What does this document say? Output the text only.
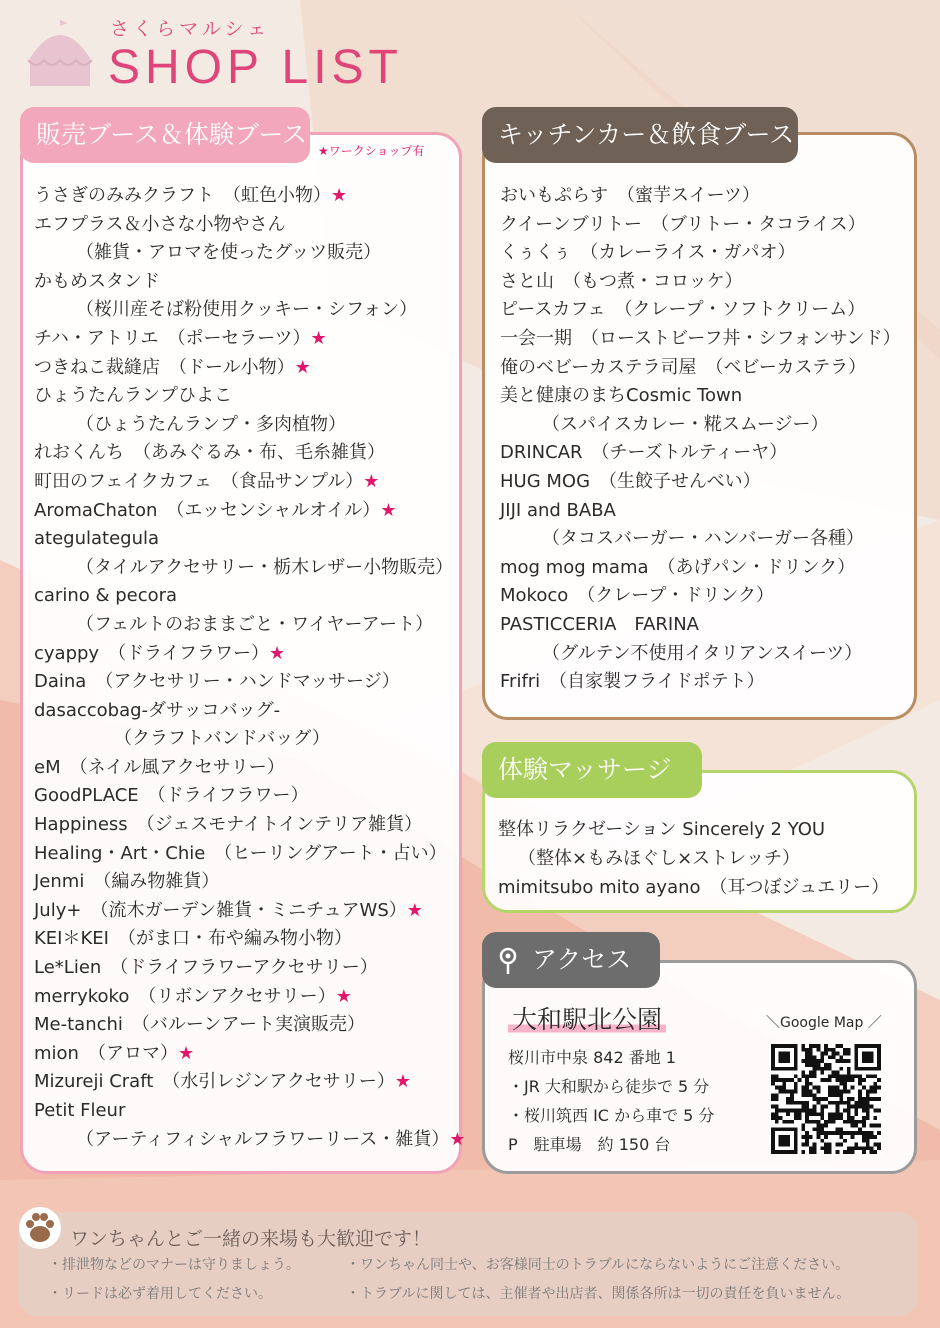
さくらマルシェ
SHOP LIST
販売ブース＆体験ブース
★ワークショップ有
うさぎのみみクラフト　（虹色小物）★
エフプラス＆小さな小物やさん
（雑貨・アロマを使ったグッツ販売）
かもめスタンド
（桜川産そば粉使用クッキー・シフォン）
チハ・アトリエ　（ポーセラーツ）★
つきねこ裁縫店　（ドール小物）★
ひょうたんランプひよこ
（ひょうたんランプ・多肉植物）
れおくんち　（あみぐるみ・布、毛糸雑貨）
町田のフェイクカフェ　（食品サンプル）★
AromaChaton　（エッセンシャルオイル）★
ategulategula
（タイルアクセサリー・栃木レザー小物販売）
carino & pecora
（フェルトのおままごと・ワイヤーアート）
cyappy　（ドライフラワー）★
Daina　（アクセサリー・ハンドマッサージ）
dasaccobag-ダサッコバッグ-
（クラフトバンドバッグ）
eM　（ネイル風アクセサリー）
GoodPLACE　（ドライフラワー）
Happiness　（ジェスモナイトインテリア雑貨）
Healing・Art・Chie　（ヒーリングアート・占い）
Jenmi　（編み物雑貨）
July+　（流木ガーデン雑貨・ミニチュアWS）★
KEI＊KEI　（がま口・布や編み物小物）
Le*Lien　（ドライフラワーアクセサリー）
merrykoko　（リボンアクセサリー）★
Me-tanchi　（バルーンアート実演販売）
mion　（アロマ）★
Mizureji Craft　（水引レジンアクセサリー）★
Petit Fleur
（アーティフィシャルフラワーリース・雑貨）★
キッチンカー＆飲食ブース
おいもぷらす　（蜜芋スイーツ）
クイーンブリトー　（ブリトー・タコライス）
くぅくぅ　（カレーライス・ガパオ）
さと山　（もつ煮・コロッケ）
ピースカフェ　（クレープ・ソフトクリーム）
一会一期　（ローストビーフ丼・シフォンサンド）
俺のベビーカステラ司屋　（ベビーカステラ）
美と健康のまちCosmic Town
（スパイスカレー・糀スムージー）
DRINCAR　（チーズトルティーヤ）
HUG MOG　（生餃子せんべい）
JIJI and BABA
（タコスバーガー・ハンバーガー各種）
mog mog mama　（あげパン・ドリンク）
Mokoco　（クレープ・ドリンク）
PASTICCERIA　FARINA
（グルテン不使用イタリアンスイーツ）
Frifri　（自家製フライドポテト）
体験マッサージ
整体リラクゼーション Sincerely 2 YOU
（整体×もみほぐし×ストレッチ）
mimitsubo mito ayano　（耳つぼジュエリー）
アクセス
大和駅北公園
桜川市中泉 842 番地 1
・JR 大和駅から徒歩で 5 分
・桜川筑西 IC から車で 5 分
P　駐車場　約 150 台
＼Google Map ／
ワンちゃんとご一緒の来場も大歓迎です！
・排泄物などのマナーは守りましょう。
・リードは必ず着用してください。
・ワンちゃん同士や、お客様同士のトラブルにならないようにご注意ください。
・トラブルに関しては、主催者や出店者、関係各所は一切の責任を負いません。
